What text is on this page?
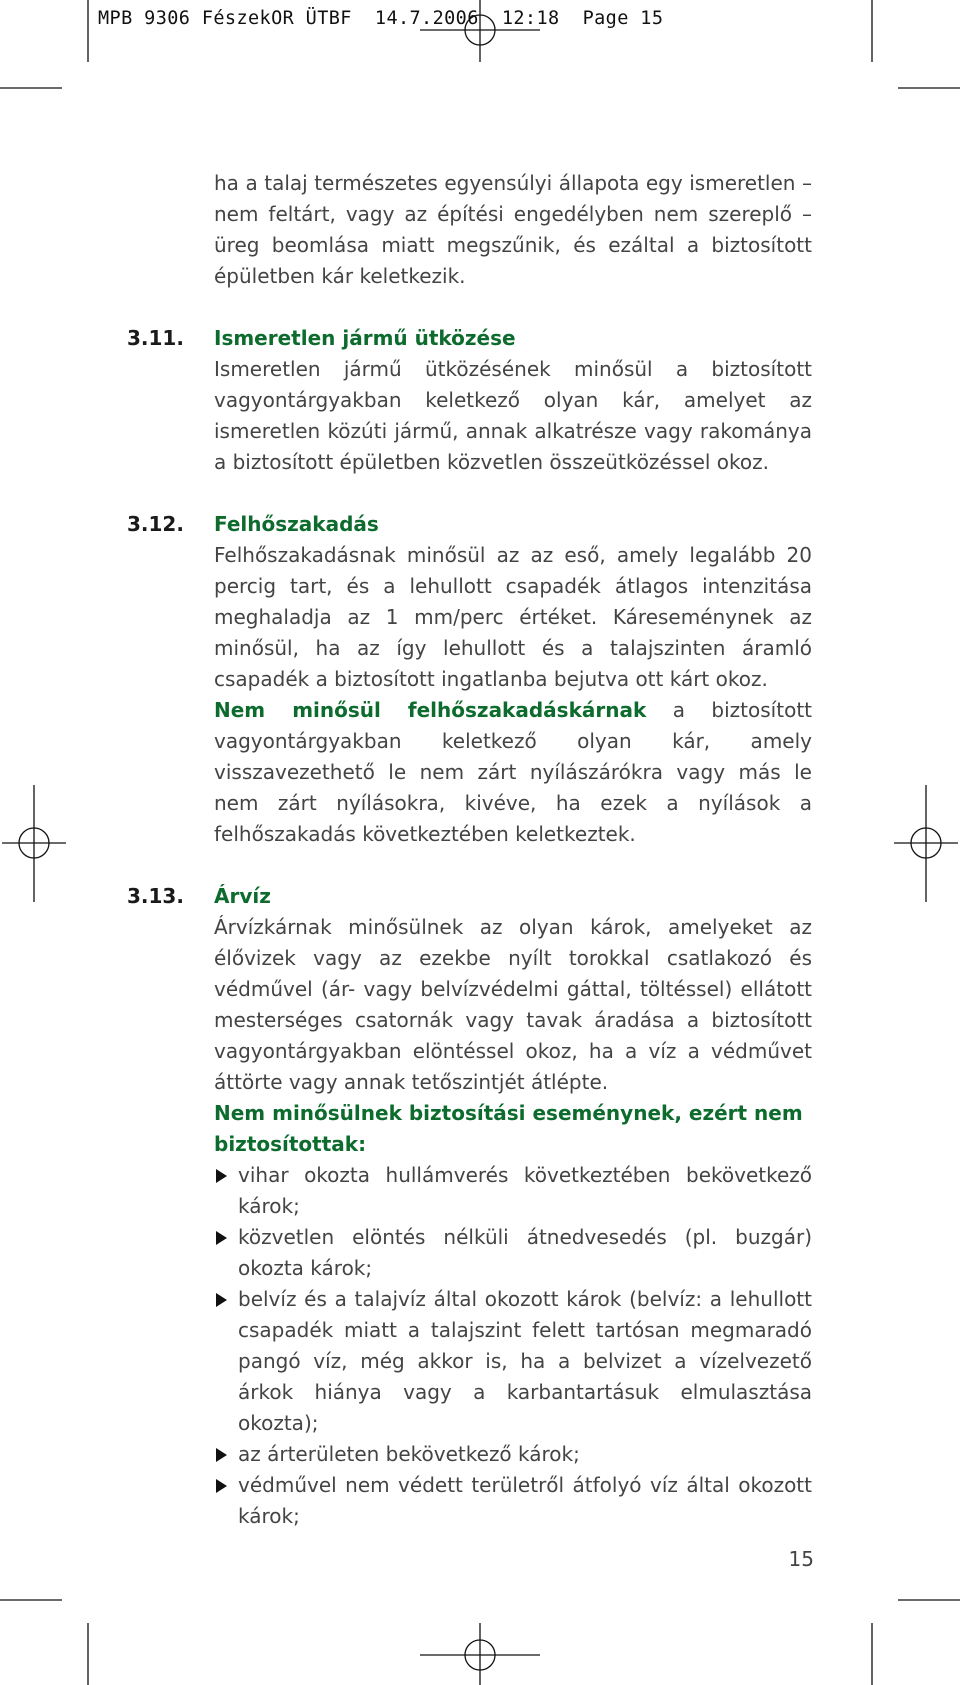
MPB 9306 FészekOR ÜTBF  14.7.2006  12:18  Page 15

ha a talaj természetes egyensúlyi állapota egy ismeretlen – nem feltárt, vagy az építési engedélyben nem szereplő – üreg beomlása miatt megszűnik, és ezáltal a biztosított épületben kár keletkezik.

3.11. Ismeretlen jármű ütközése

Ismeretlen jármű ütközésének minősül a biztosított vagyontárgyakban keletkező olyan kár, amelyet az ismeretlen közúti jármű, annak alkatrésze vagy rakománya a biztosított épületben közvetlen összeütközéssel okoz.

3.12. Felhőszakadás

Felhőszakadásnak minősül az az eső, amely legalább 20 percig tart, és a lehullott csapadék átlagos intenzitása meghaladja az 1 mm/perc értéket. Káreseménynek az minősül, ha az így lehullott és a talajszinten áramló csapadék a biztosított ingatlanba bejutva ott kárt okoz.

Nem minősül felhőszakadáskárnak a biztosított vagyontárgyakban keletkező olyan kár, amely visszavezethető le nem zárt nyílászárókra vagy más le nem zárt nyílásokra, kivéve, ha ezek a nyílások a felhőszakadás következtében keletkeztek.

3.13. Árvíz

Árvízkárnak minősülnek az olyan károk, amelyeket az élővizek vagy az ezekbe nyílt torokkal csatlakozó és védművel (ár- vagy belvízvédelmi gáttal, töltéssel) ellátott mesterséges csatornák vagy tavak áradása a biztosított vagyontárgyakban elöntéssel okoz, ha a víz a védművet áttörte vagy annak tetőszintjét átlépte.

Nem minősülnek biztosítási eseménynek, ezért nem biztosítottak:

vihar okozta hullámverés következtében bekövetkező károk;
közvetlen elöntés nélküli átnedvesedés (pl. buzgár) okozta károk;
belvíz és a talajvíz által okozott károk (belvíz: a lehullott csapadék miatt a talajszint felett tartósan megmaradó pangó víz, még akkor is, ha a belvizet a vízelvezető árkok hiánya vagy a karbantartásuk elmulasztása okozta);
az árterületen bekövetkező károk;
védművel nem védett területről átfolyó víz által okozott károk;
15
